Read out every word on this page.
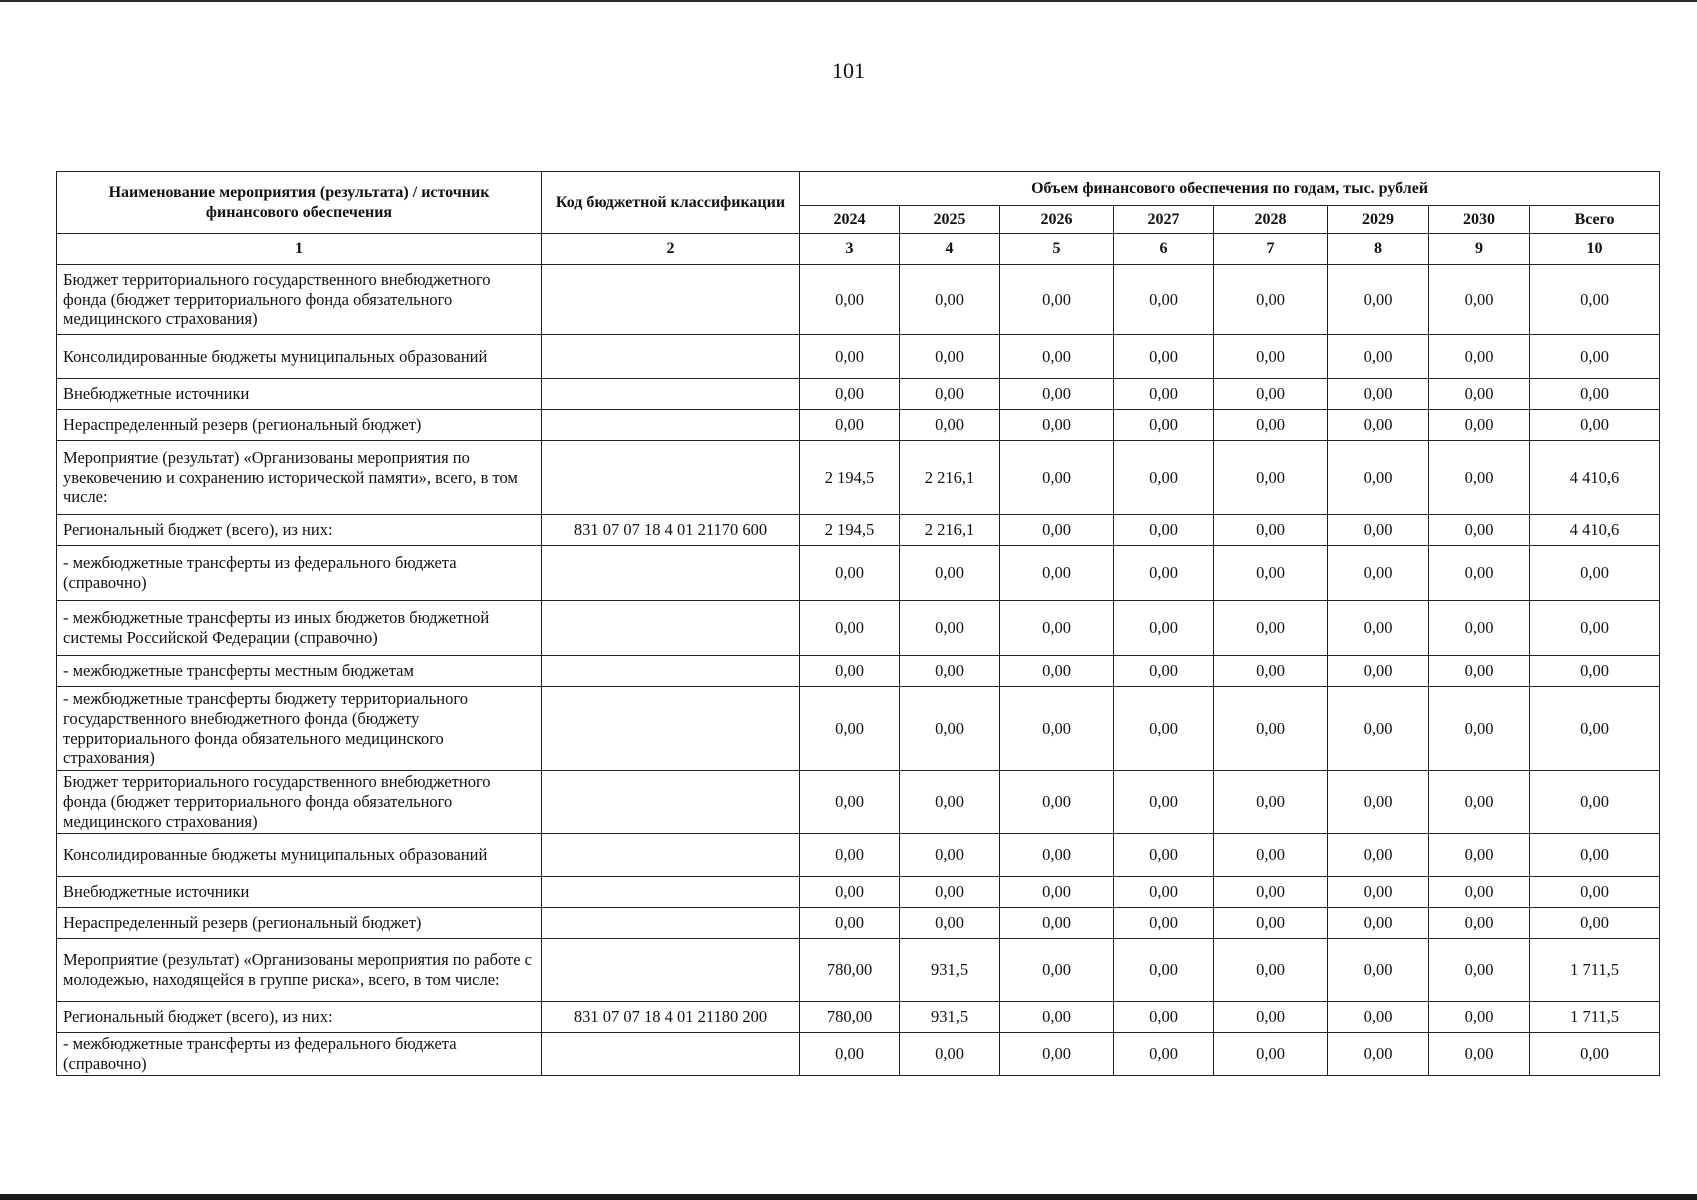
101
Наименование мероприятия (результата) / источник финансового обеспечения	Код бюджетной классификации	Объем финансового обеспечения по годам, тыс. рублей							
		2024	2025	2026	2027	2028	2029	2030	Всего
1	2	3	4	5	6	7	8	9	10
Бюджет территориального государственного внебюджетного фонда (бюджет территориального фонда обязательного медицинского страхования)		0,00	0,00	0,00	0,00	0,00	0,00	0,00	0,00
Консолидированные бюджеты муниципальных образований		0,00	0,00	0,00	0,00	0,00	0,00	0,00	0,00
Внебюджетные источники		0,00	0,00	0,00	0,00	0,00	0,00	0,00	0,00
Нераспределенный резерв (региональный бюджет)		0,00	0,00	0,00	0,00	0,00	0,00	0,00	0,00
Мероприятие (результат) «Организованы мероприятия по увековечению и сохранению исторической памяти», всего, в том числе:		2 194,5	2 216,1	0,00	0,00	0,00	0,00	0,00	4 410,6
Региональный бюджет (всего), из них:	831 07 07 18 4 01 21170 600	2 194,5	2 216,1	0,00	0,00	0,00	0,00	0,00	4 410,6
- межбюджетные трансферты из федерального бюджета (справочно)		0,00	0,00	0,00	0,00	0,00	0,00	0,00	0,00
- межбюджетные трансферты из иных бюджетов бюджетной системы Российской Федерации (справочно)		0,00	0,00	0,00	0,00	0,00	0,00	0,00	0,00
- межбюджетные трансферты местным бюджетам		0,00	0,00	0,00	0,00	0,00	0,00	0,00	0,00
- межбюджетные трансферты бюджету территориального государственного внебюджетного фонда (бюджету территориального фонда обязательного медицинского страхования)		0,00	0,00	0,00	0,00	0,00	0,00	0,00	0,00
Бюджет территориального государственного внебюджетного фонда (бюджет территориального фонда обязательного медицинского страхования)		0,00	0,00	0,00	0,00	0,00	0,00	0,00	0,00
Консолидированные бюджеты муниципальных образований		0,00	0,00	0,00	0,00	0,00	0,00	0,00	0,00
Внебюджетные источники		0,00	0,00	0,00	0,00	0,00	0,00	0,00	0,00
Нераспределенный резерв (региональный бюджет)		0,00	0,00	0,00	0,00	0,00	0,00	0,00	0,00
Мероприятие (результат) «Организованы мероприятия по работе с молодежью, находящейся в группе риска», всего, в том числе:		780,00	931,5	0,00	0,00	0,00	0,00	0,00	1 711,5
Региональный бюджет (всего), из них:	831 07 07 18 4 01 21180 200	780,00	931,5	0,00	0,00	0,00	0,00	0,00	1 711,5
- межбюджетные трансферты из федерального бюджета (справочно)		0,00	0,00	0,00	0,00	0,00	0,00	0,00	0,00
